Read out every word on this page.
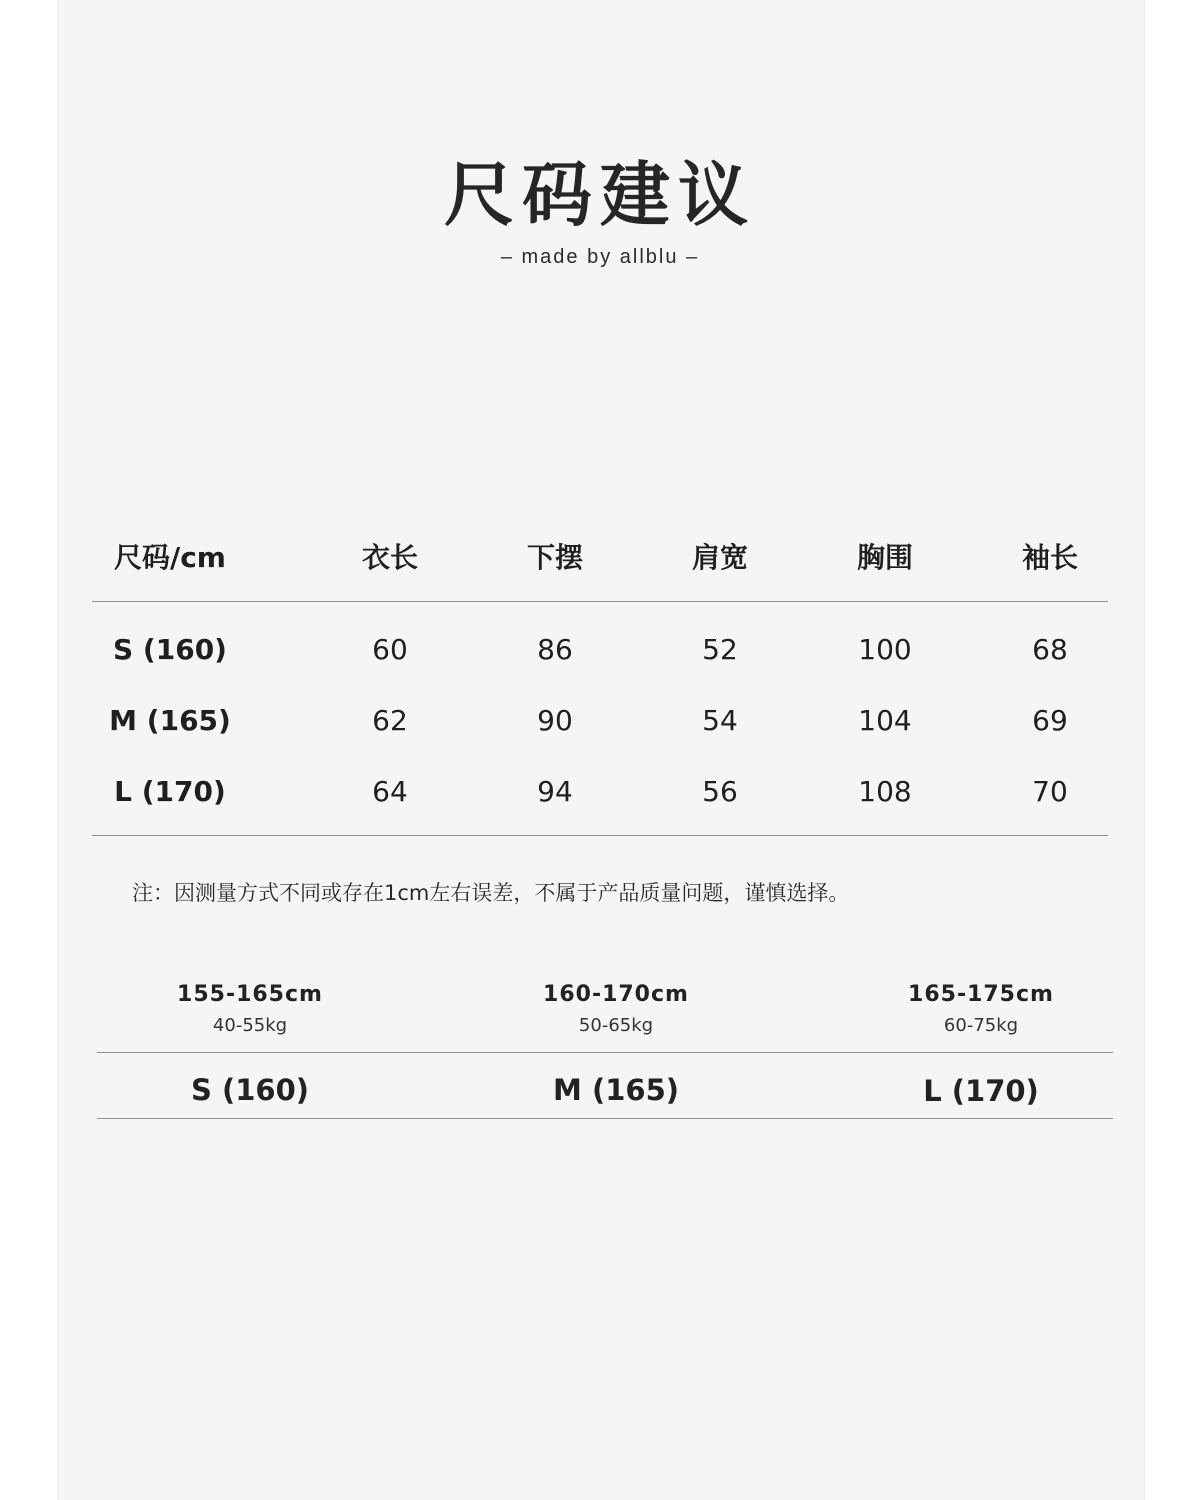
尺码建议
– made by allblu –
尺码/cm	衣长	下摆	肩宽	胸围	袖长
S (160)	60	86	52	100	68
M (165)	62	90	54	104	69
L (170)	64	94	56	108	70
注：因测量方式不同或存在1cm左右误差，不属于产品质量问题，谨慎选择。
155-165cm
40-55kg
160-170cm
50-65kg
165-175cm
60-75kg
S (160)	M (165)	L (170)
